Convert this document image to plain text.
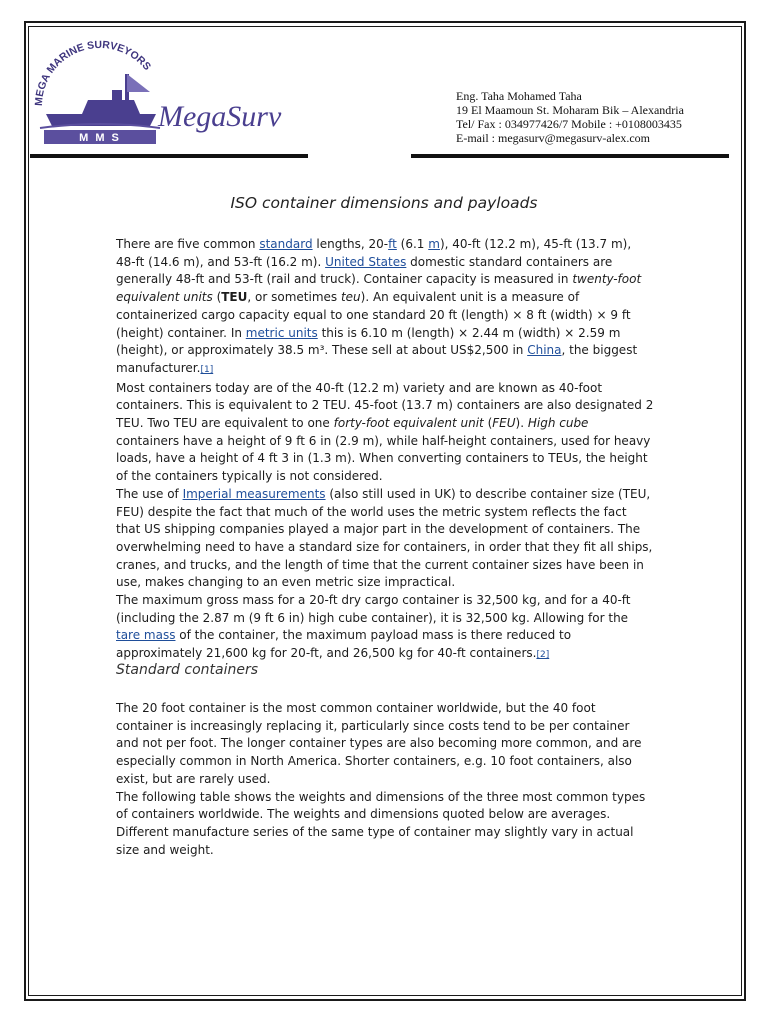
MEGA MARINE SURVEYORS
M M S
MegaSurv
Eng. Taha Mohamed Taha
19 El Maamoun St. Moharam Bik – Alexandria
Tel/ Fax : 034977426/7 Mobile : +0108003435
E-mail : megasurv@megasurv-alex.com
ISO container dimensions and payloads

There are five common standard lengths, 20-ft (6.1 m), 40-ft (12.2 m), 45-ft (13.7 m), 48-ft (14.6 m), and 53-ft (16.2 m). United States domestic standard containers are generally 48-ft and 53-ft (rail and truck). Container capacity is measured in twenty-foot equivalent units (TEU, or sometimes teu). An equivalent unit is a measure of containerized cargo capacity equal to one standard 20 ft (length) × 8 ft (width) × 9 ft (height) container. In metric units this is 6.10 m (length) × 2.44 m (width) × 2.59 m (height), or approximately 38.5 m³. These sell at about US$2,500 in China, the biggest manufacturer.[1]

Most containers today are of the 40-ft (12.2 m) variety and are known as 40-foot containers. This is equivalent to 2 TEU. 45-foot (13.7 m) containers are also designated 2 TEU. Two TEU are equivalent to one forty-foot equivalent unit (FEU). High cube containers have a height of 9 ft 6 in (2.9 m), while half-height containers, used for heavy loads, have a height of 4 ft 3 in (1.3 m). When converting containers to TEUs, the height of the containers typically is not considered.

The use of Imperial measurements (also still used in UK) to describe container size (TEU, FEU) despite the fact that much of the world uses the metric system reflects the fact that US shipping companies played a major part in the development of containers. The overwhelming need to have a standard size for containers, in order that they fit all ships, cranes, and trucks, and the length of time that the current container sizes have been in use, makes changing to an even metric size impractical.

The maximum gross mass for a 20-ft dry cargo container is 32,500 kg, and for a 40-ft (including the 2.87 m (9 ft 6 in) high cube container), it is 32,500 kg. Allowing for the tare mass of the container, the maximum payload mass is there reduced to approximately 21,600 kg for 20-ft, and 26,500 kg for 40-ft containers.[2]

Standard containers

The 20 foot container is the most common container worldwide, but the 40 foot container is increasingly replacing it, particularly since costs tend to be per container and not per foot. The longer container types are also becoming more common, and are especially common in North America. Shorter containers, e.g. 10 foot containers, also exist, but are rarely used.

The following table shows the weights and dimensions of the three most common types of containers worldwide. The weights and dimensions quoted below are averages. Different manufacture series of the same type of container may slightly vary in actual size and weight.
